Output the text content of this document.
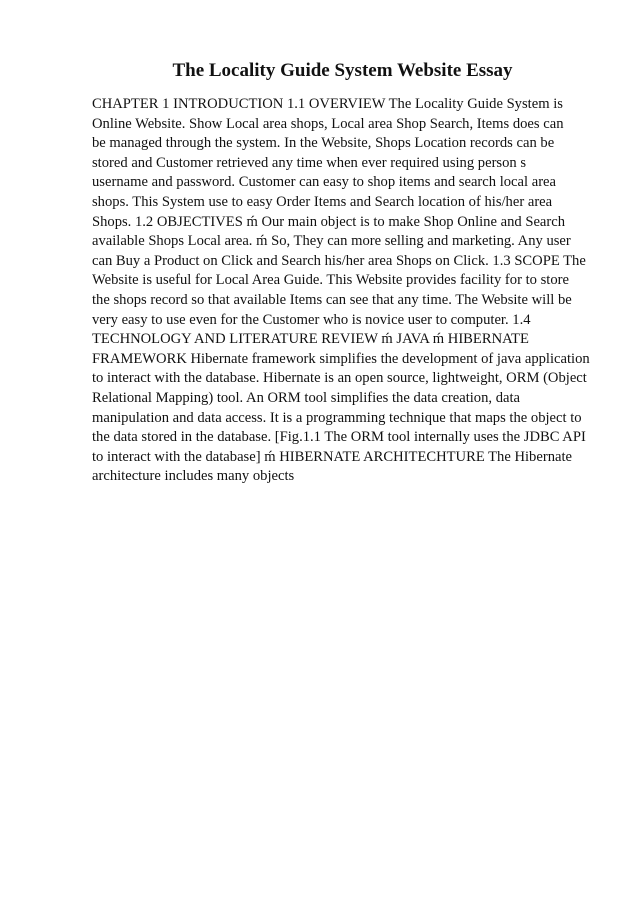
The Locality Guide System Website Essay
CHAPTER 1 INTRODUCTION 1.1 OVERVIEW The Locality Guide System is
Online Website. Show Local area shops, Local area Shop Search, Items does can
be managed through the system. In the Website, Shops Location records can be
stored and Customer retrieved any time when ever required using person s
username and password. Customer can easy to shop items and search local area
shops. This System use to easy Order Items and Search location of his/her area
Shops. 1.2 OBJECTIVES ḿ Our main object is to make Shop Online and Search
available Shops Local area. ḿ So, They can more selling and marketing. Any user
can Buy a Product on Click and Search his/her area Shops on Click. 1.3 SCOPE The
Website is useful for Local Area Guide. This Website provides facility for to store
the shops record so that available Items can see that any time. The Website will be
very easy to use even for the Customer who is novice user to computer. 1.4
TECHNOLOGY AND LITERATURE REVIEW ḿ JAVA ḿ HIBERNATE
FRAMEWORK Hibernate framework simplifies the development of java application
to interact with the database. Hibernate is an open source, lightweight, ORM (Object
Relational Mapping) tool. An ORM tool simplifies the data creation, data
manipulation and data access. It is a programming technique that maps the object to
the data stored in the database. [Fig.1.1 The ORM tool internally uses the JDBC API
to interact with the database] ḿ HIBERNATE ARCHITECHTURE The Hibernate
architecture includes many objects
